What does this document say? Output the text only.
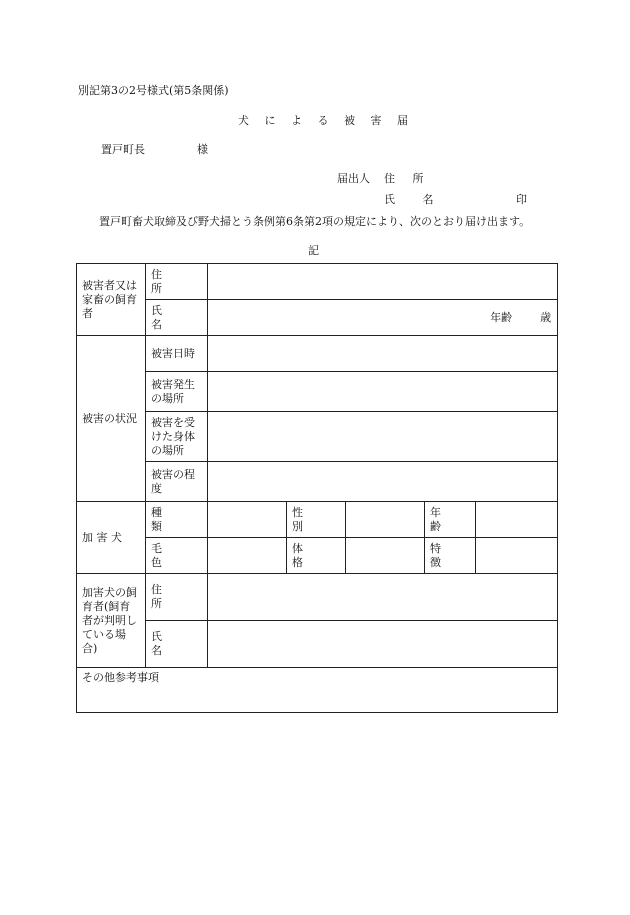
別記第3の2号様式(第5条関係)
犬 に よ る 被 害 届
置戸町長	様
届出人 住 所
氏 名	印
置戸町畜犬取締及び野犬掃とう条例第6条第2項の規定により、次のとおり届け出ます。
記
被害者又は家畜の飼育者	住 所					
	氏 名	年齢 歳				

被害の状況	被害日時					
	被害発生の場所					
	被害を受けた身体の場所					
	被害の程度					
加 害 犬	種 類		性 別		年 齢	
	毛 色		体 格		特 徴	
加害犬の飼育者(飼育者が判明している場合)	住 所					
	氏 名					
その他参考事項						
